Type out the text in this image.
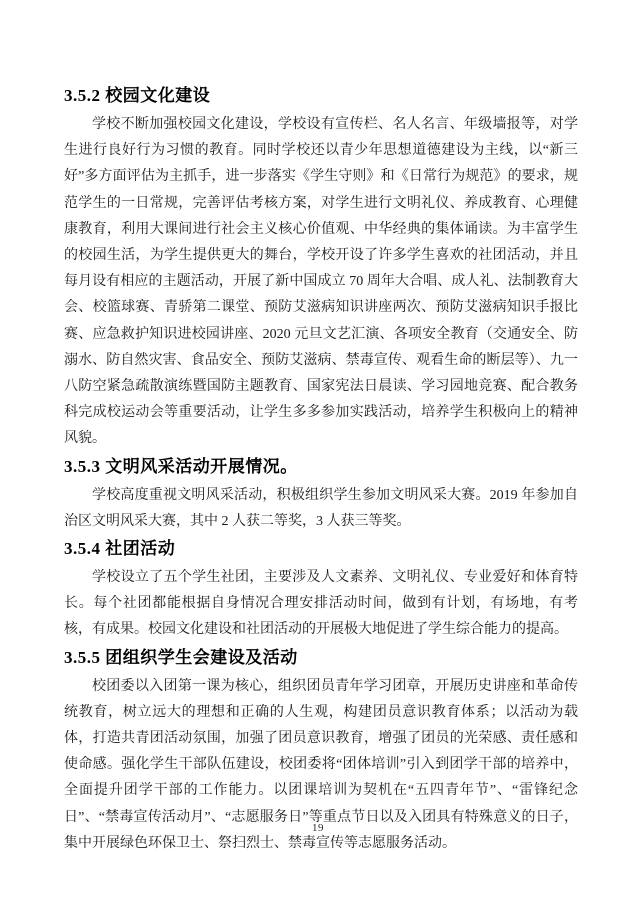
3.5.2 校园文化建设

学校不断加强校园文化建设，学校设有宣传栏、名人名言、年级墙报等，对学生进行良好行为习惯的教育。同时学校还以青少年思想道德建设为主线，以“新三好”多方面评估为主抓手，进一步落实《学生守则》和《日常行为规范》的要求，规范学生的一日常规，完善评估考核方案，对学生进行文明礼仪、养成教育、心理健康教育，利用大课间进行社会主义核心价值观、中华经典的集体诵读。为丰富学生的校园生活，为学生提供更大的舞台，学校开设了许多学生喜欢的社团活动，并且每月设有相应的主题活动，开展了新中国成立 70 周年大合唱、成人礼、法制教育大会、校篮球赛、青骄第二课堂、预防艾滋病知识讲座两次、预防艾滋病知识手报比赛、应急救护知识进校园讲座、2020 元旦文艺汇演、各项安全教育（交通安全、防溺水、防自然灾害、食品安全、预防艾滋病、禁毒宣传、观看生命的断层等）、九一八防空紧急疏散演练暨国防主题教育、国家宪法日晨读、学习园地竞赛、配合教务科完成校运动会等重要活动，让学生多多参加实践活动，培养学生积极向上的精神风貌。

3.5.3 文明风采活动开展情况。

学校高度重视文明风采活动，积极组织学生参加文明风采大赛。2019 年参加自治区文明风采大赛，其中 2 人获二等奖，3 人获三等奖。

3.5.4 社团活动

学校设立了五个学生社团，主要涉及人文素养、文明礼仪、专业爱好和体育特长。每个社团都能根据自身情况合理安排活动时间，做到有计划，有场地，有考核，有成果。校园文化建设和社团活动的开展极大地促进了学生综合能力的提高。

3.5.5 团组织学生会建设及活动

校团委以入团第一课为核心，组织团员青年学习团章，开展历史讲座和革命传统教育，树立远大的理想和正确的人生观，构建团员意识教育体系；以活动为载体，打造共青团活动氛围，加强了团员意识教育，增强了团员的光荣感、责任感和使命感。强化学生干部队伍建设，校团委将“团体培训”引入到团学干部的培养中，全面提升团学干部的工作能力。以团课培训为契机在“五四青年节”、“雷锋纪念日”、“禁毒宣传活动月”、“志愿服务日”等重点节日以及入团具有特殊意义的日子，集中开展绿色环保卫士、祭扫烈士、禁毒宣传等志愿服务活动。

19
